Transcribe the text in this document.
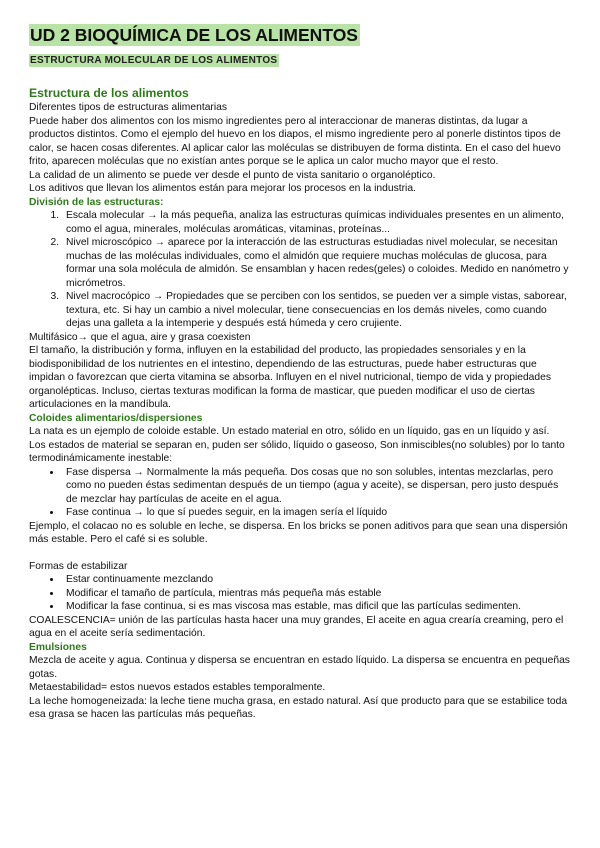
UD 2 BIOQUÍMICA DE LOS ALIMENTOS
ESTRUCTURA MOLECULAR DE LOS ALIMENTOS
Estructura de los alimentos

Diferentes tipos de estructuras alimentarias

Puede haber dos alimentos con los mismo ingredientes pero al interaccionar de maneras distintas, da lugar a productos distintos. Como el ejemplo del huevo en los diapos, el mismo ingrediente pero al ponerle distintos tipos de calor, se hacen cosas diferentes. Al aplicar calor las moléculas se distribuyen de forma distinta. En el caso del huevo frito, aparecen moléculas que no existían antes porque se le aplica un calor mucho mayor que el resto.

La calidad de un alimento se puede ver desde el punto de vista sanitario o organoléptico.

Los aditivos que llevan los alimentos están para mejorar los procesos en la industria.

División de las estructuras:
1. Escala molecular → la más pequeña, analiza las estructuras químicas individuales presentes en un alimento, como el agua, minerales, moléculas aromáticas, vitaminas, proteínas...
2. Nivel microscópico → aparece por la interacción de las estructuras estudiadas nivel molecular, se necesitan muchas de las moléculas individuales, como el almidón que requiere muchas moléculas de glucosa, para formar una sola molécula de almidón. Se ensamblan y hacen redes(geles) o coloides. Medido en nanómetro y micrómetros.
3. Nivel macrocópico → Propiedades que se perciben con los sentidos, se pueden ver a simple vistas, saborear, textura, etc. Si hay un cambio a nivel molecular, tiene consecuencias en los demás niveles, como cuando dejas una galleta a la intemperie y después está húmeda y cero crujiente.

Multifásico→ que el agua, aire y grasa coexisten

El tamaño, la distribución y forma, influyen en la estabilidad del producto, las propiedades sensoriales y en la biodisponibilidad de los nutrientes en el intestino, dependiendo de las estructuras, puede haber estructuras que impidan o favorezcan que cierta vitamina se absorba. Influyen en el nivel nutricional, tiempo de vida y propiedades organolépticas. Incluso, ciertas texturas modifican la forma de masticar, que pueden modificar el uso de ciertas articulaciones en la mandíbula.

Coloides alimentarios/dispersiones

La nata es un ejemplo de coloide estable. Un estado material en otro, sólido en un líquido, gas en un líquido y así.

Los estados de material se separan en, puden ser sólido, líquido o gaseoso, Son inmiscibles(no solubles) por lo tanto termodinámicamente inestable:

• Fase dispersa → Normalmente la más pequeña. Dos cosas que no son solubles, intentas mezclarlas, pero como no pueden éstas sedimentan después de un tiempo (agua y aceite), se dispersan, pero justo después de mezclar hay partículas de aceite en el agua.
• Fase continua → lo que sí puedes seguir, en la imagen sería el líquido

Ejemplo, el colacao no es soluble en leche, se dispersa. En los bricks se ponen aditivos para que sean una dispersión más estable. Pero el café si es soluble.

Formas de estabilizar

• Estar continuamente mezclando
• Modificar el tamaño de partícula, mientras más pequeña más estable
• Modificar la fase continua, si es mas viscosa mas estable, mas dificil que las partículas sedimenten.

COALESCENCIA= unión de las partículas hasta hacer una muy grandes, El aceite en agua crearía creaming, pero el agua en el aceite sería sedimentación.

Emulsiones

Mezcla de aceite y agua. Continua y dispersa se encuentran en estado líquido. La dispersa se encuentra en pequeñas gotas.

Metaestabilidad= estos nuevos estados estables temporalmente.

La leche homogeneizada: la leche tiene mucha grasa, en estado natural. Así que producto para que se estabilice toda esa grasa se hacen las partículas más pequeñas.
